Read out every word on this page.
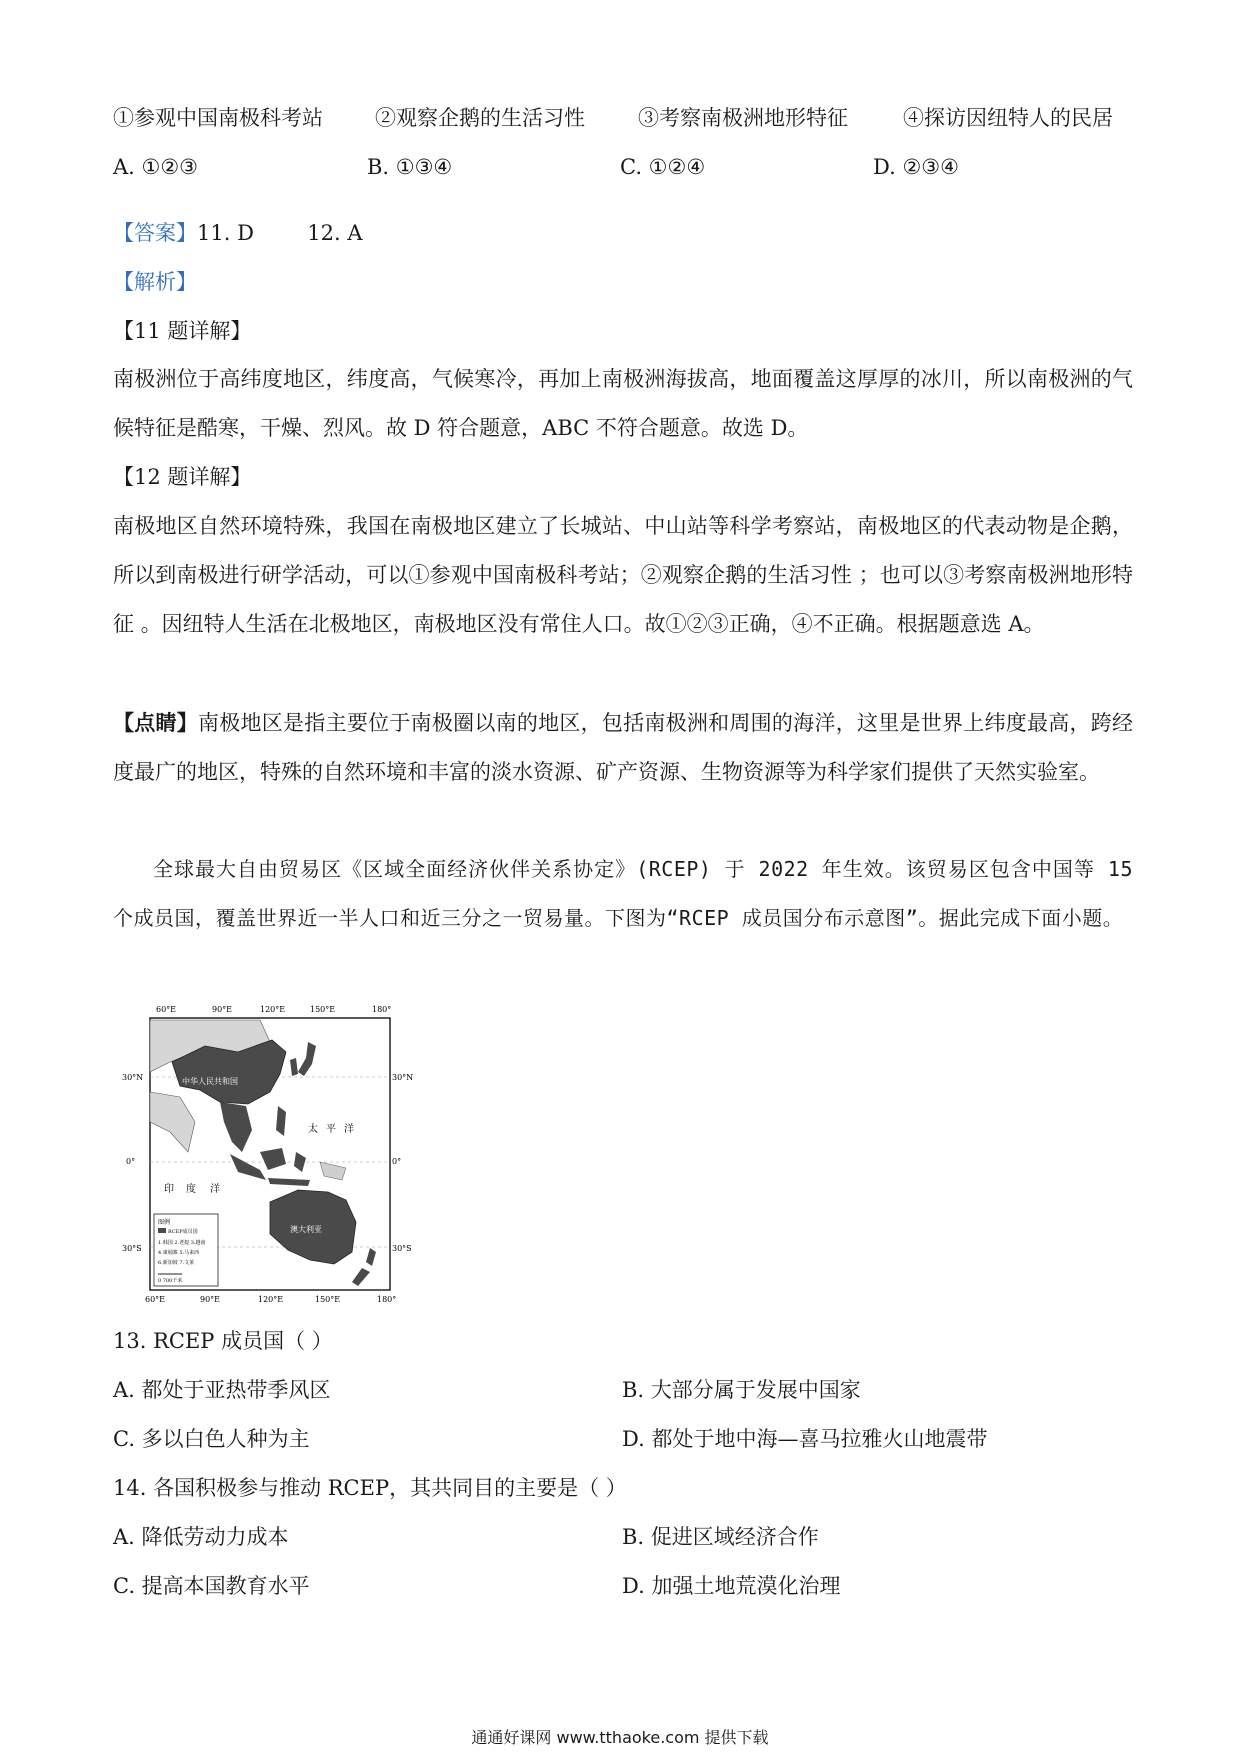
①参观中国南极科考站 ②观察企鹅的生活习性	③考察南极洲地形特征	④探访因纽特人的民居
A. ①②③	B. ①③④	C. ①②④	D. ②③④
【答案】11. D        12. A
【解析】
【11 题详解】
南极洲位于高纬度地区，纬度高，气候寒冷，再加上南极洲海拔高，地面覆盖这厚厚的冰川，所以南极洲的气候特征是酷寒，干燥、烈风。故 D 符合题意，ABC 不符合题意。故选 D。
【12 题详解】
南极地区自然环境特殊，我国在南极地区建立了长城站、中山站等科学考察站，南极地区的代表动物是企鹅，所以到南极进行研学活动，可以①参观中国南极科考站；②观察企鹅的生活习性 ；也可以③考察南极洲地形特征 。因纽特人生活在北极地区，南极地区没有常住人口。故①②③正确，④不正确。根据题意选 A。
【点睛】南极地区是指主要位于南极圈以南的地区，包括南极洲和周围的海洋，这里是世界上纬度最高，跨经度最广的地区，特殊的自然环境和丰富的淡水资源、矿产资源、生物资源等为科学家们提供了天然实验室。
全球最大自由贸易区《区域全面经济伙伴关系协定》(RCEP) 于 2022 年生效。该贸易区包含中国等 15 个成员国，覆盖世界近一半人口和近三分之一贸易量。下图为“RCEP 成员国分布示意图”。据此完成下面小题。
60°E	90°E	120°E	150°E	180°
60°E	90°E	120°E	150°E	180°
30°N
0°
30°S
30°N
0°
30°S
中华人民共和国
太 平 洋
印 度 洋
澳大利亚
图例
RCEP成员国
1.韩国 2.老挝 3.越南
4.柬埔寨 5.马来西
6.新加坡 7.文莱
0 700千米
13. RCEP 成员国（ ）
A. 都处于亚热带季风区	B. 大部分属于发展中国家
C. 多以白色人种为主	D. 都处于地中海—喜马拉雅火山地震带
14. 各国积极参与推动 RCEP，其共同目的主要是（ ）
A. 降低劳动力成本	B. 促进区域经济合作
C. 提高本国教育水平	D. 加强土地荒漠化治理
通通好课网 www.tthaoke.com 提供下载
